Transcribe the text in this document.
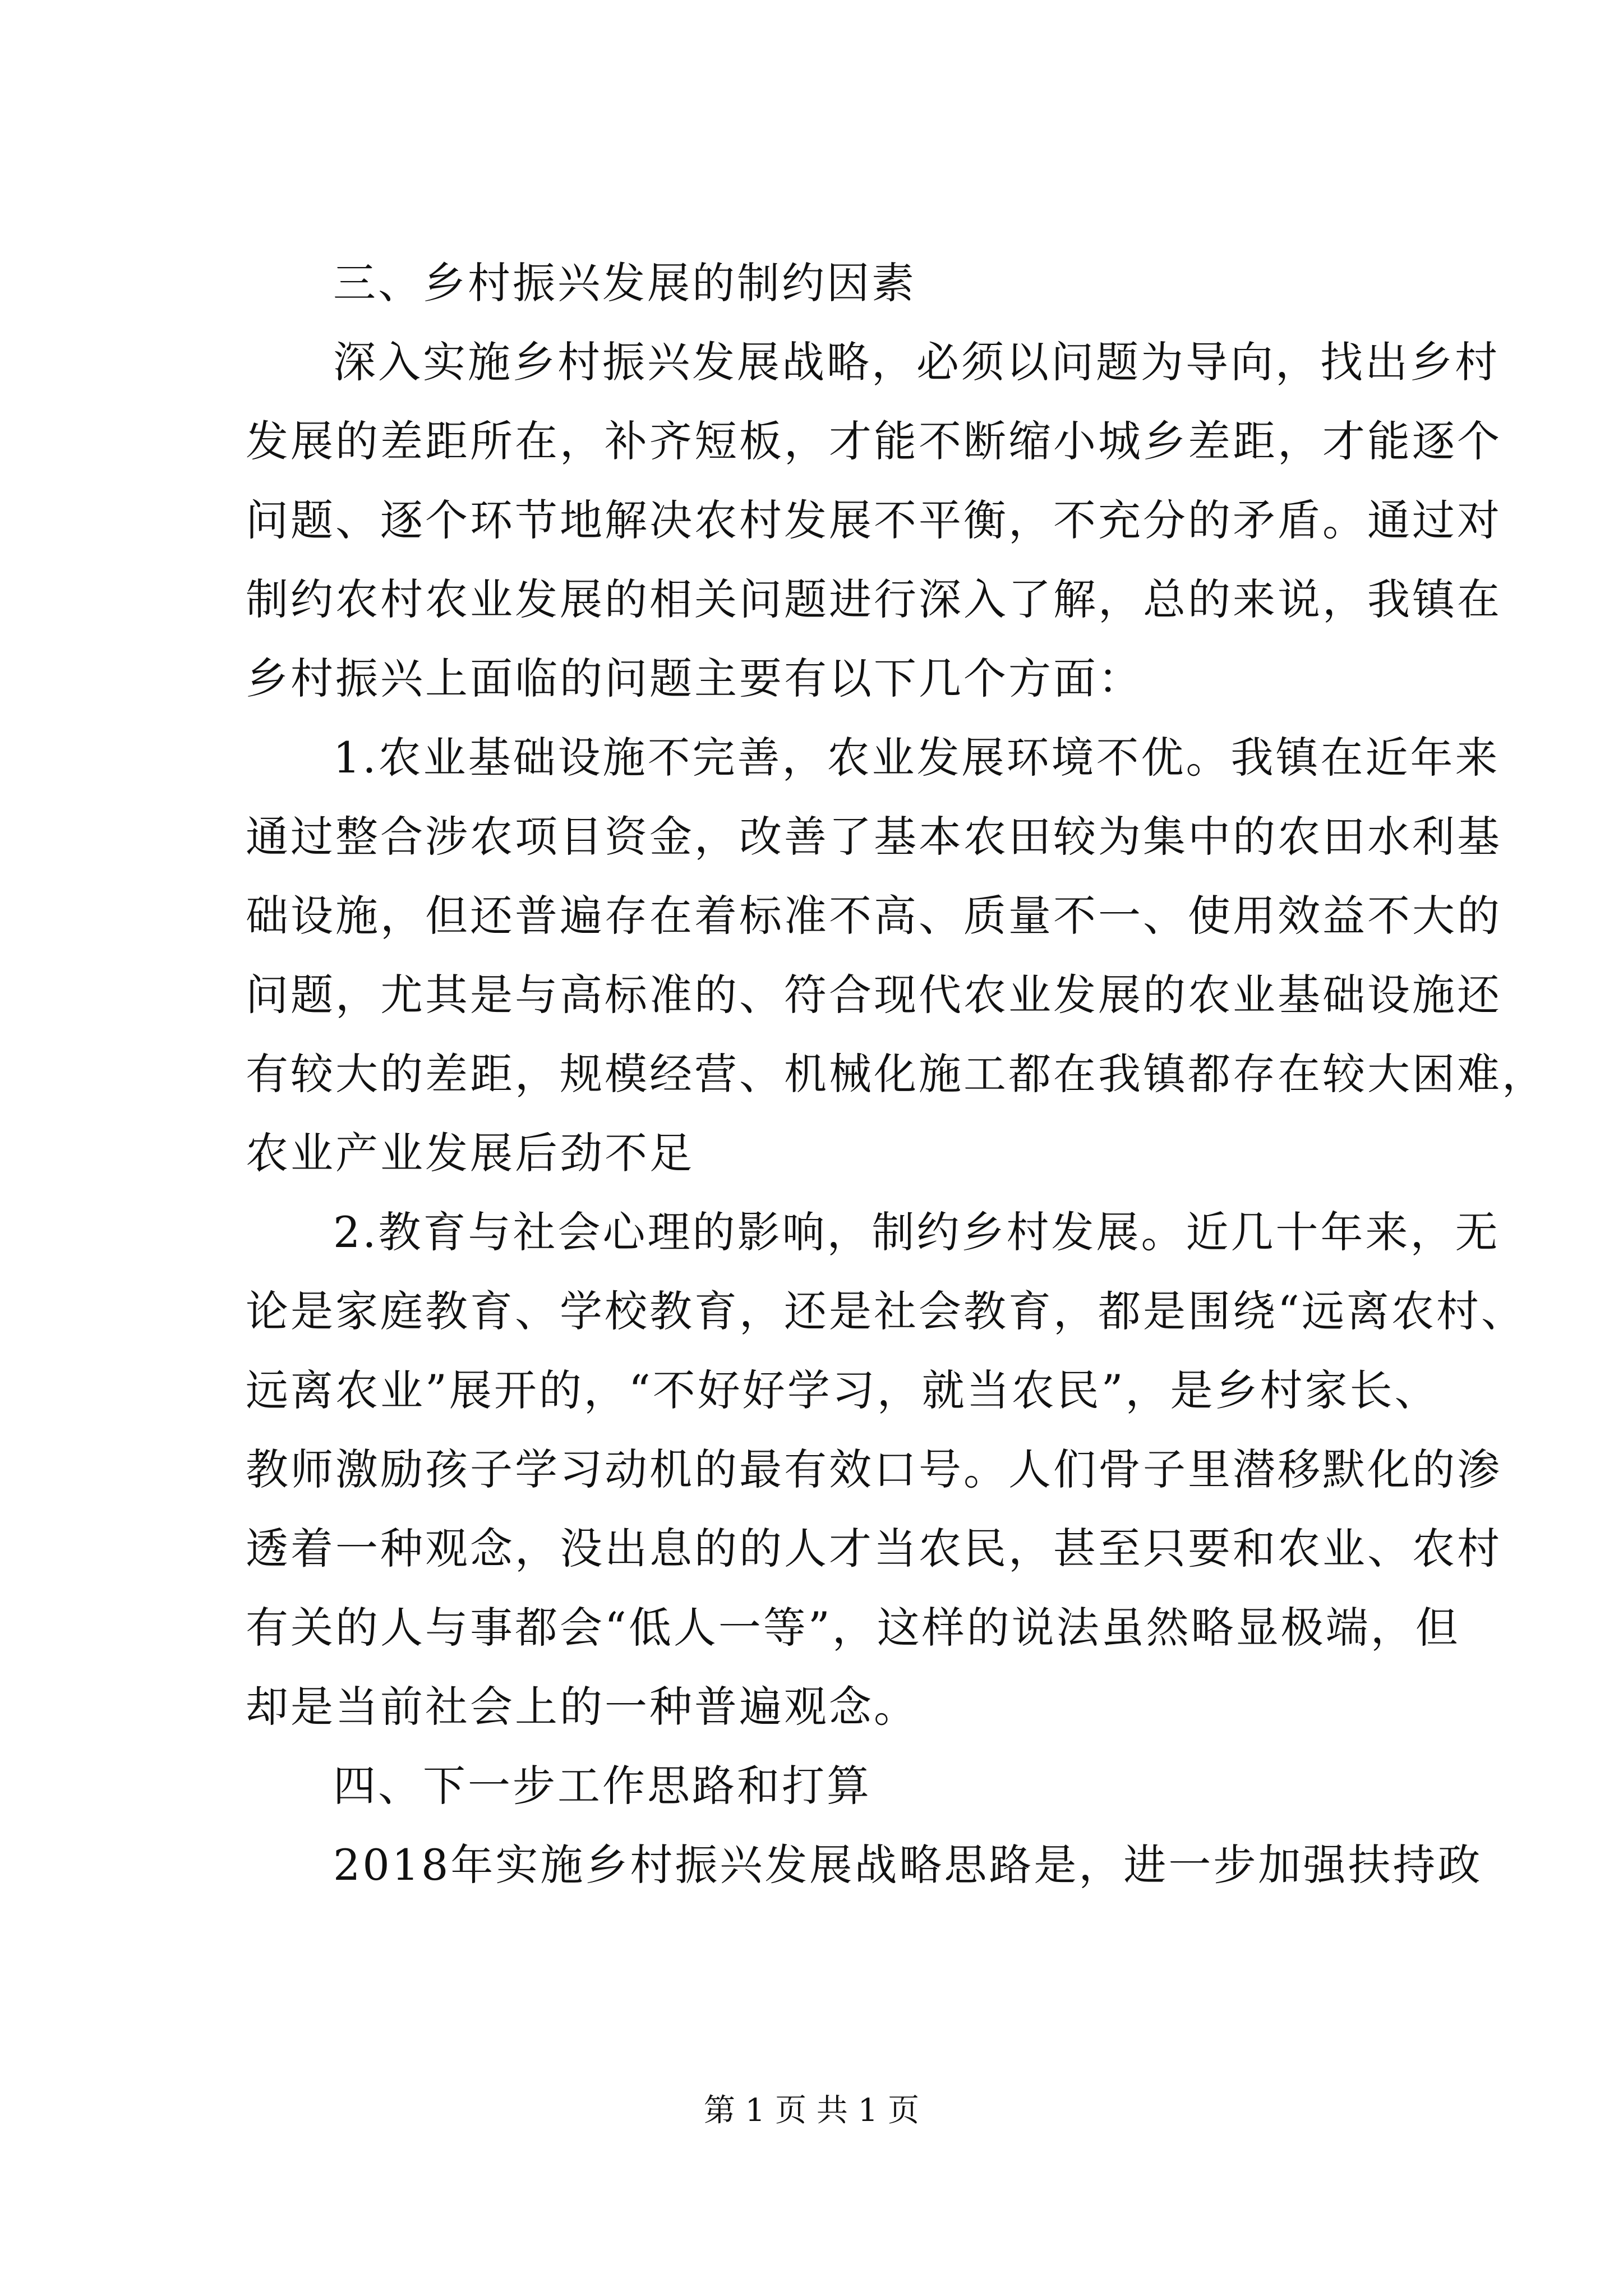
三、乡村振兴发展的制约因素
深入实施乡村振兴发展战略，必须以问题为导向，找出乡村
发展的差距所在，补齐短板，才能不断缩小城乡差距，才能逐个
问题、逐个环节地解决农村发展不平衡，不充分的矛盾。通过对
制约农村农业发展的相关问题进行深入了解，总的来说，我镇在
乡村振兴上面临的问题主要有以下几个方面：
1.农业基础设施不完善，农业发展环境不优。我镇在近年来
通过整合涉农项目资金，改善了基本农田较为集中的农田水利基
础设施，但还普遍存在着标准不高、质量不一、使用效益不大的
问题，尤其是与高标准的、符合现代农业发展的农业基础设施还
有较大的差距，规模经营、机械化施工都在我镇都存在较大困难，
农业产业发展后劲不足
2.教育与社会心理的影响，制约乡村发展。近几十年来，无
论是家庭教育、学校教育，还是社会教育，都是围绕“远离农村、
远离农业”展开的，“不好好学习，就当农民”，是乡村家长、
教师激励孩子学习动机的最有效口号。人们骨子里潜移默化的渗
透着一种观念，没出息的的人才当农民，甚至只要和农业、农村
有关的人与事都会“低人一等”，这样的说法虽然略显极端，但
却是当前社会上的一种普遍观念。
四、下一步工作思路和打算
2018年实施乡村振兴发展战略思路是，进一步加强扶持政
第 1 页 共 1 页
